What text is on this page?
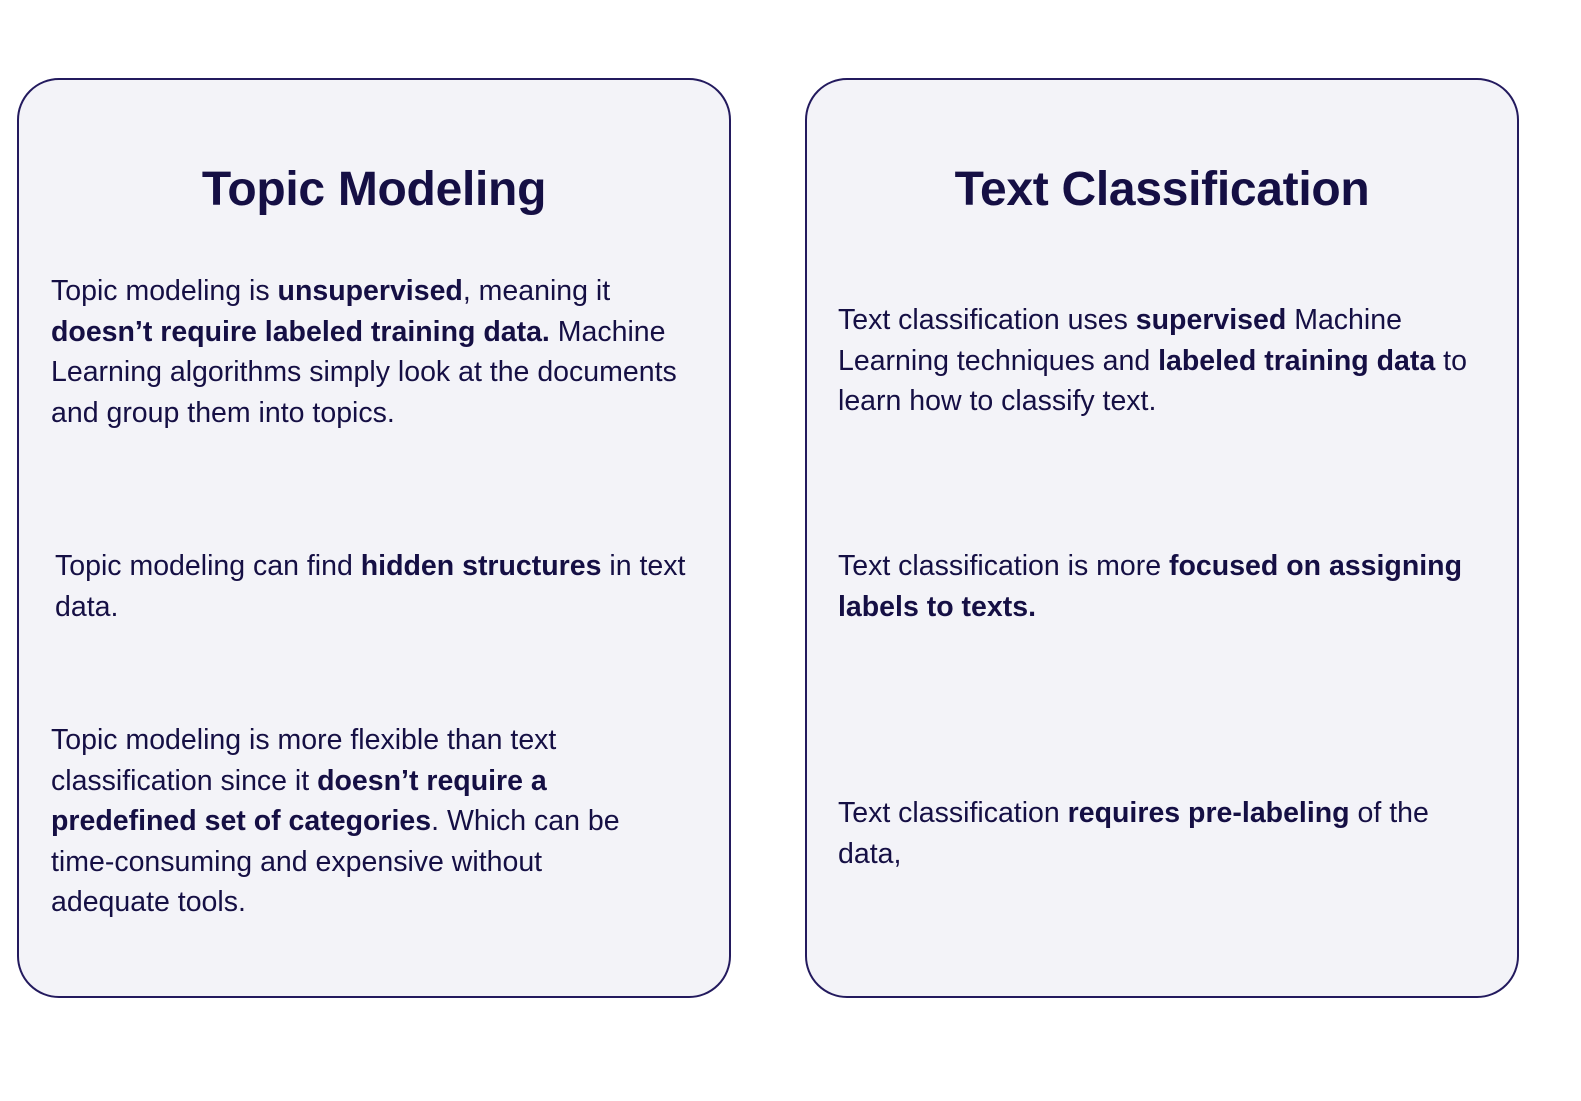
Topic Modeling

Topic modeling is unsupervised, meaning it doesn’t require labeled training data. Machine Learning algorithms simply look at the documents and group them into topics.

Topic modeling can find hidden structures in text data.

Topic modeling is more flexible than text classification since it doesn’t require a predefined set of categories. Which can be time-consuming and expensive without adequate tools.

Text Classification

Text classification uses supervised Machine Learning techniques and labeled training data to learn how to classify text.

Text classification is more focused on assigning labels to texts.

Text classification requires pre-labeling of the data,
